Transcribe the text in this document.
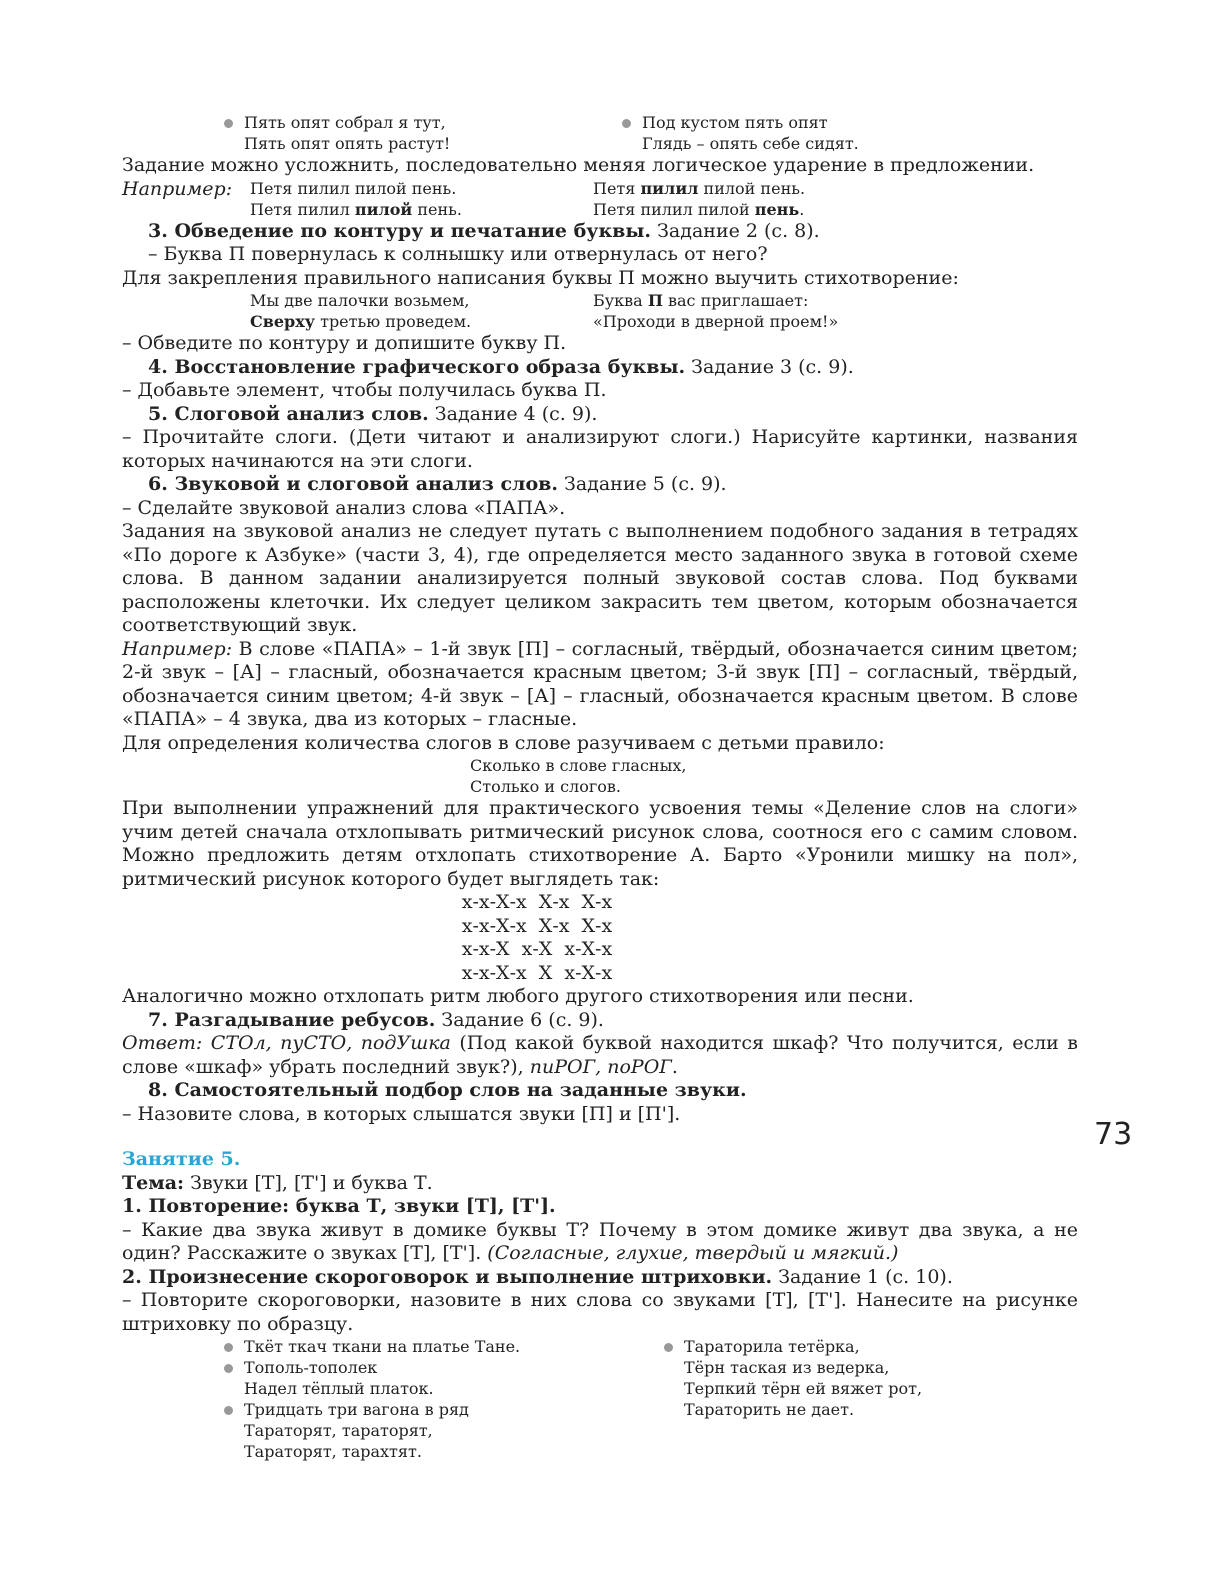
Пять опят собрал я тут,
Пять опят опять растут!
Под кустом пять опят
Глядь – опять себе сидят.

Задание можно усложнить, последовательно меняя логическое ударение в предложении.

Например:	Петя пилил пилой пень.
Петя пилил пилой пень.
Петя пилил пилой пень.
Петя пилил пилой пень.

3. Обведение по контуру и печатание буквы. Задание 2 (с. 8).

– Буква П повернулась к солнышку или отвернулась от него?

Для закрепления правильного написания буквы П можно выучить стихотворение:

Мы две палочки возьмем,
Сверху третью проведем.
Буква П вас приглашает:
«Проходи в дверной проем!»

– Обведите по контуру и допишите букву П.

4. Восстановление графического образа буквы. Задание 3 (с. 9).

– Добавьте элемент, чтобы получилась буква П.

5. Слоговой анализ слов. Задание 4 (с. 9).

– Прочитайте слоги. (Дети читают и анализируют слоги.) Нарисуйте картинки, названия которых начинаются на эти слоги.

6. Звуковой и слоговой анализ слов. Задание 5 (с. 9).

– Сделайте звуковой анализ слова «ПАПА».

Задания на звуковой анализ не следует путать с выполнением подобного задания в тетрадях «По дороге к Азбуке» (части 3, 4), где определяется место заданного звука в готовой схеме слова. В данном задании анализируется полный звуковой состав слова. Под буквами расположены клеточки. Их следует целиком закрасить тем цветом, которым обозначается соответствующий звук.

Например: В слове «ПАПА» – 1-й звук [П] – согласный, твёрдый, обозначается синим цветом; 2-й звук – [А] – гласный, обозначается красным цветом; 3-й звук [П] – согласный, твёрдый, обозначается синим цветом; 4-й звук – [А] – гласный, обозначается красным цветом. В слове «ПАПА» – 4 звука, два из которых – гласные.

Для определения количества слогов в слове разучиваем с детьми правило:

Сколько в слове гласных,
Столько и слогов.

При выполнении упражнений для практического усвоения темы «Деление слов на слоги» учим детей сначала отхлопывать ритмический рисунок слова, соотнося его с самим словом. Можно предложить детям отхлопать стихотворение А. Барто «Уронили мишку на пол», ритмический рисунок которого будет выглядеть так:

х-х-Х-х  Х-х  Х-х
х-х-Х-х  Х-х  Х-х
х-х-Х  х-Х  х-Х-х
х-х-Х-х  Х  х-Х-х

Аналогично можно отхлопать ритм любого другого стихотворения или песни.

7. Разгадывание ребусов. Задание 6 (с. 9).

Ответ: СТОл, пуСТО, подУшка (Под какой буквой находится шкаф? Что получится, если в слове «шкаф» убрать последний звук?), пиРОГ, поРОГ.

8. Самостоятельный подбор слов на заданные звуки.

– Назовите слова, в которых слышатся звуки [П] и [П'].

Занятие 5.

Тема: Звуки [Т], [Т'] и буква Т.

1. Повторение: буква Т, звуки [Т], [Т'].

– Какие два звука живут в домике буквы Т? Почему в этом домике живут два звука, а не один? Расскажите о звуках [Т], [Т']. (Согласные, глухие, твердый и мягкий.)

2. Произнесение скороговорок и выполнение штриховки. Задание 1 (с. 10).

– Повторите скороговорки, назовите в них слова со звуками [Т], [Т']. Нанесите на рисунке штриховку по образцу.

Ткёт ткач ткани на платье Тане.
Тополь-тополек
Надел тёплый платок.
Тридцать три вагона в ряд
Тараторят, тараторят,
Тараторят, тарахтят.
Тараторила тетёрка,
Тёрн таская из ведерка,
Терпкий тёрн ей вяжет рот,
Тараторить не дает.
73
